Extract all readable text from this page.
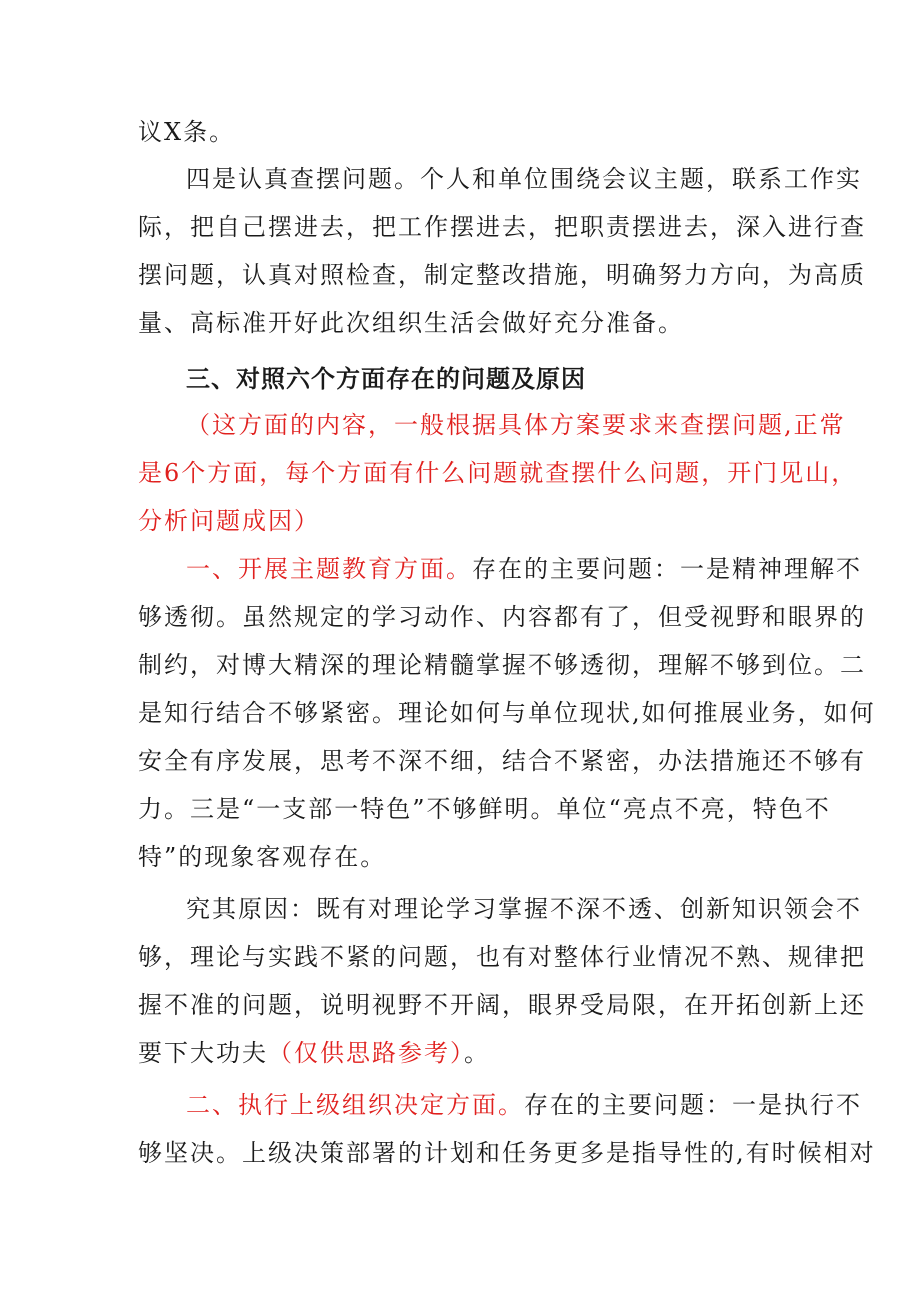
议X条。
四是认真查摆问题。个人和单位围绕会议主题，联系工作实
际，把自己摆进去，把工作摆进去，把职责摆进去，深入进行查
摆问题，认真对照检查，制定整改措施，明确努力方向，为高质
量、高标准开好此次组织生活会做好充分准备。
三、对照六个方面存在的问题及原因
（这方面的内容，一般根据具体方案要求来查摆问题,正常
是6个方面，每个方面有什么问题就查摆什么问题，开门见山，
分析问题成因）
一、开展主题教育方面。存在的主要问题：一是精神理解不
够透彻。虽然规定的学习动作、内容都有了，但受视野和眼界的
制约，对博大精深的理论精髓掌握不够透彻，理解不够到位。二
是知行结合不够紧密。理论如何与单位现状,如何推展业务，如何
安全有序发展，思考不深不细，结合不紧密，办法措施还不够有
力。三是“一支部一特色”不够鲜明。单位“亮点不亮，特色不
特”的现象客观存在。
究其原因：既有对理论学习掌握不深不透、创新知识领会不
够，理论与实践不紧的问题，也有对整体行业情况不熟、规律把
握不准的问题，说明视野不开阔，眼界受局限，在开拓创新上还
要下大功夫（仅供思路参考）。
二、执行上级组织决定方面。存在的主要问题：一是执行不
够坚决。上级决策部署的计划和任务更多是指导性的,有时候相对
